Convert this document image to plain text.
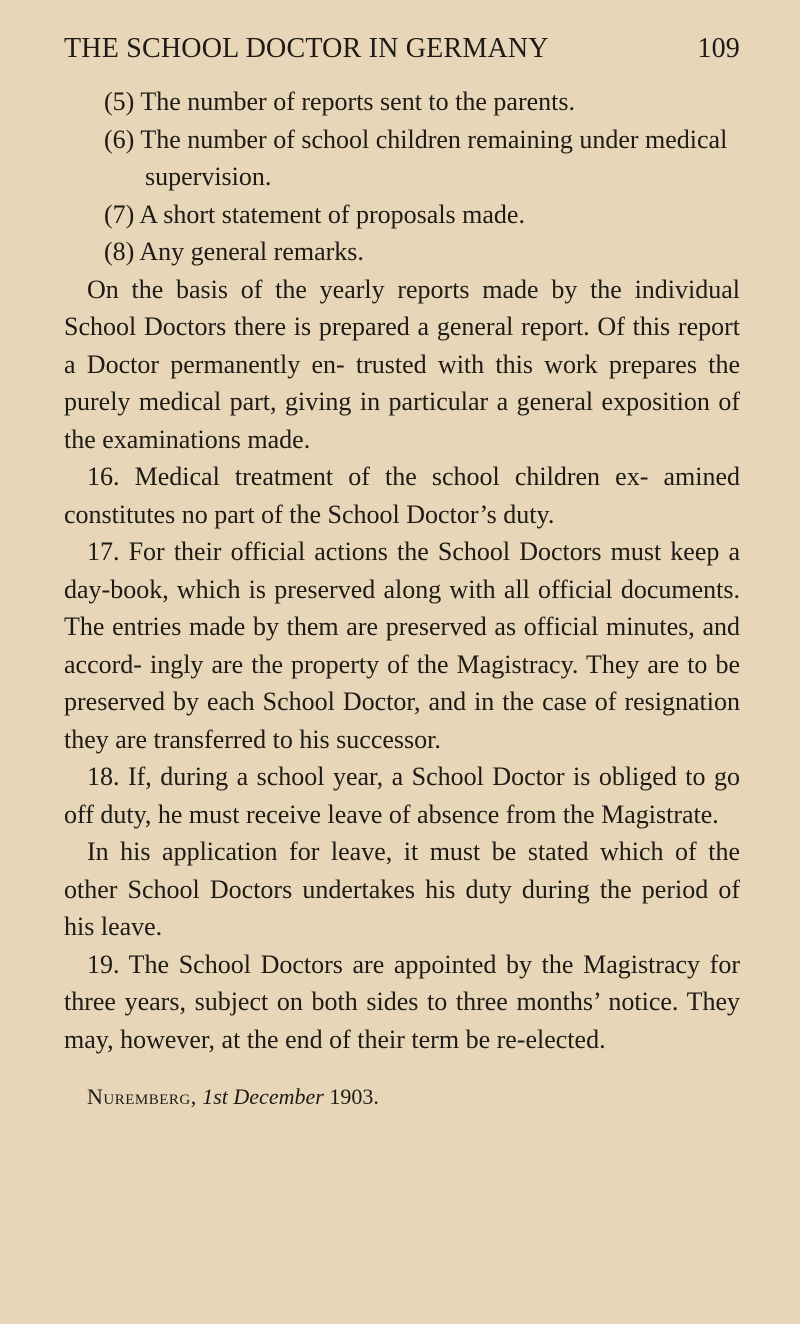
THE SCHOOL DOCTOR IN GERMANY	109
(5) The number of reports sent to the parents.
(6) The number of school children remaining under medical supervision.
(7) A short statement of proposals made.
(8) Any general remarks.

On the basis of the yearly reports made by the individual School Doctors there is prepared a general report. Of this report a Doctor permanently en- trusted with this work prepares the purely medical part, giving in particular a general exposition of the examinations made.

16. Medical treatment of the school children ex- amined constitutes no part of the School Doctor’s duty.

17. For their official actions the School Doctors must keep a day-book, which is preserved along with all official documents. The entries made by them are preserved as official minutes, and accord- ingly are the property of the Magistracy. They are to be preserved by each School Doctor, and in the case of resignation they are transferred to his successor.

18. If, during a school year, a School Doctor is obliged to go off duty, he must receive leave of absence from the Magistrate.

In his application for leave, it must be stated which of the other School Doctors undertakes his duty during the period of his leave.

19. The School Doctors are appointed by the Magistracy for three years, subject on both sides to three months’ notice. They may, however, at the end of their term be re-elected.

Nuremberg, 1st December 1903.
